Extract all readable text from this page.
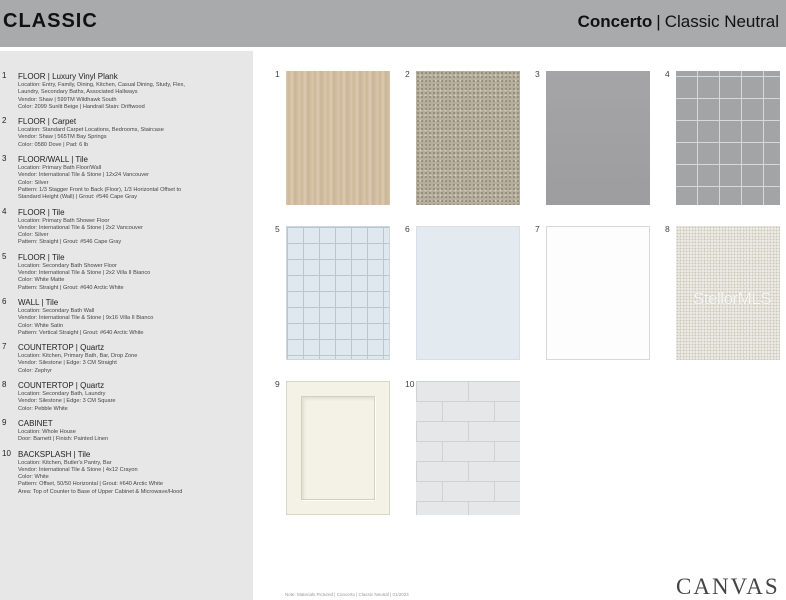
CLASSIC	Concerto | Classic Neutral
1 FLOOR | Luxury Vinyl Plank
Location: Entry, Family, Dining, Kitchen, Casual Dining, Study, Flex,
Laundry, Secondary Baths, Associated Hallways
Vendor: Shaw | 599TM Wildhawk South
Color: 2099 Sunlit Beige | Handrail Stain: Driftwood
2 FLOOR | Carpet
Location: Standard Carpet Locations, Bedrooms, Staircase
Vendor: Shaw | 565TM Bay Springs
Color: 0580 Dove | Pad: 6 lb
3 FLOOR/WALL | Tile
Location: Primary Bath Floor/Wall
Vendor: International Tile & Stone | 12x24 Vancouver
Color: Silver
Pattern: 1/3 Stagger Front to Back (Floor), 1/3 Horizontal Offset to
Standard Height (Wall) | Grout: #546 Cape Gray
4 FLOOR | Tile
Location: Primary Bath Shower Floor
Vendor: International Tile & Stone | 2x2 Vancouver
Color: Silver
Pattern: Straight | Grout: #546 Cape Gray
5 FLOOR | Tile
Location: Secondary Bath Shower Floor
Vendor: International Tile & Stone | 2x2 Villa II Bianco
Color: White Matte
Pattern: Straight | Grout: #640 Arctic White
6 WALL | Tile
Location: Secondary Bath Wall
Vendor: International Tile & Stone | 9x16 Villa II Bianco
Color: White Satin
Pattern: Vertical Straight | Grout: #640 Arctic White
7 COUNTERTOP | Quartz
Location: Kitchen, Primary Bath, Bar, Drop Zone
Vendor: Silestone | Edge: 3 CM Straight
Color: Zephyr
8 COUNTERTOP | Quartz
Location: Secondary Bath, Laundry
Vendor: Silestone | Edge: 3 CM Square
Color: Pebble White
9 CABINET
Location: Whole House
Door: Barnett | Finish: Painted Linen
10 BACKSPLASH | Tile
Location: Kitchen, Butler's Pantry, Bar
Vendor: International Tile & Stone | 4x12 Crayon
Color: White
Pattern: Offset, 50/50 Horizontal | Grout: #640 Arctic White
Area: Top of Counter to Base of Upper Cabinet & Microwave/Hood
1	2	3	4
5	6	7	8
9	10
StellorMLS
CANVAS
Note: Materials Pictured | Concerto | Classic Neutral | 01/2024
